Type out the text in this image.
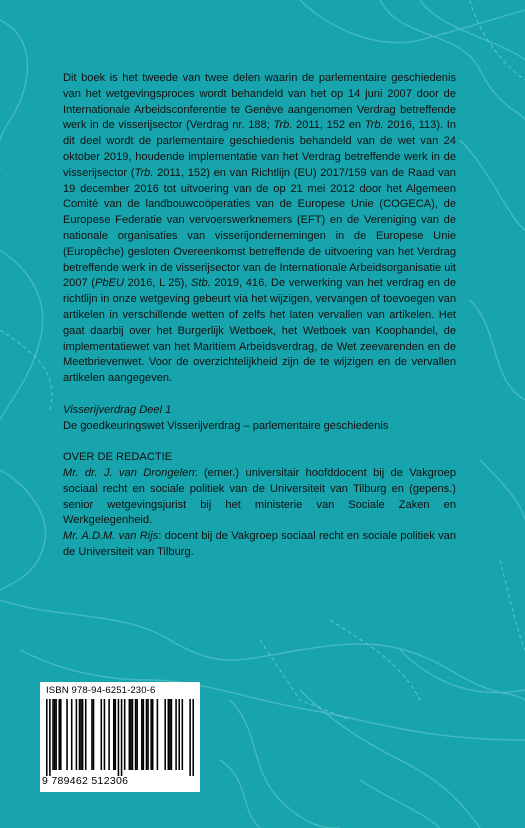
Dit boek is het tweede van twee delen waarin de parlementaire geschiedenis van het wetgevingsproces wordt behandeld van het op 14 juni 2007 door de Internationale Arbeidsconferentie te Genève aangenomen Verdrag betreffende werk in de visserijsector (Verdrag nr. 188; Trb. 2011, 152 en Trb. 2016, 113). In dit deel wordt de parlementaire geschiedenis behandeld van de wet van 24 oktober 2019, houdende implementatie van het Verdrag betreffende werk in de visserijsector (Trb. 2011, 152) en van Richtlijn (EU) 2017/159 van de Raad van 19 december 2016 tot uitvoering van de op 21 mei 2012 door het Algemeen Comité van de landbouwcoöperaties van de Europese Unie (COGECA), de Europese Federatie van vervoerswerknemers (EFT) en de Vereniging van de nationale organisaties van visserijondernemingen in de Europese Unie (Europêche) gesloten Overeenkomst betreffende de uitvoering van het Verdrag betreffende werk in de visserijsector van de Internationale Arbeidsorganisatie uit 2007 (PbEU 2016, L 25), Stb. 2019, 416. De verwerking van het verdrag en de richtlijn in onze wetgeving gebeurt via het wijzigen, vervangen of toevoegen van artikelen in verschillende wetten of zelfs het laten vervallen van artikelen. Het gaat daarbij over het Burgerlijk Wetboek, het Wetboek van Koophandel, de implementatiewet van het Maritiem Arbeidsverdrag, de Wet zeevarenden en de Meetbrievenwet. Voor de overzichtelijkheid zijn de te wijzigen en de vervallen artikelen aangegeven.

Visserijverdrag Deel 1

De goedkeuringswet Visserijverdrag – parlementaire geschiedenis

OVER DE REDACTIE

Mr. dr. J. van Drongelen: (emer.) universitair hoofddocent bij de Vakgroep sociaal recht en sociale politiek van de Universiteit van Tilburg en (gepens.) senior wetgevingsjurist bij het ministerie van Sociale Zaken en Werkgelegenheid.

Mr. A.D.M. van Rijs: docent bij de Vakgroep sociaal recht en sociale politiek van de Universiteit van Tilburg.

ISBN 978-94-6251-230-6
9 789462 512306
